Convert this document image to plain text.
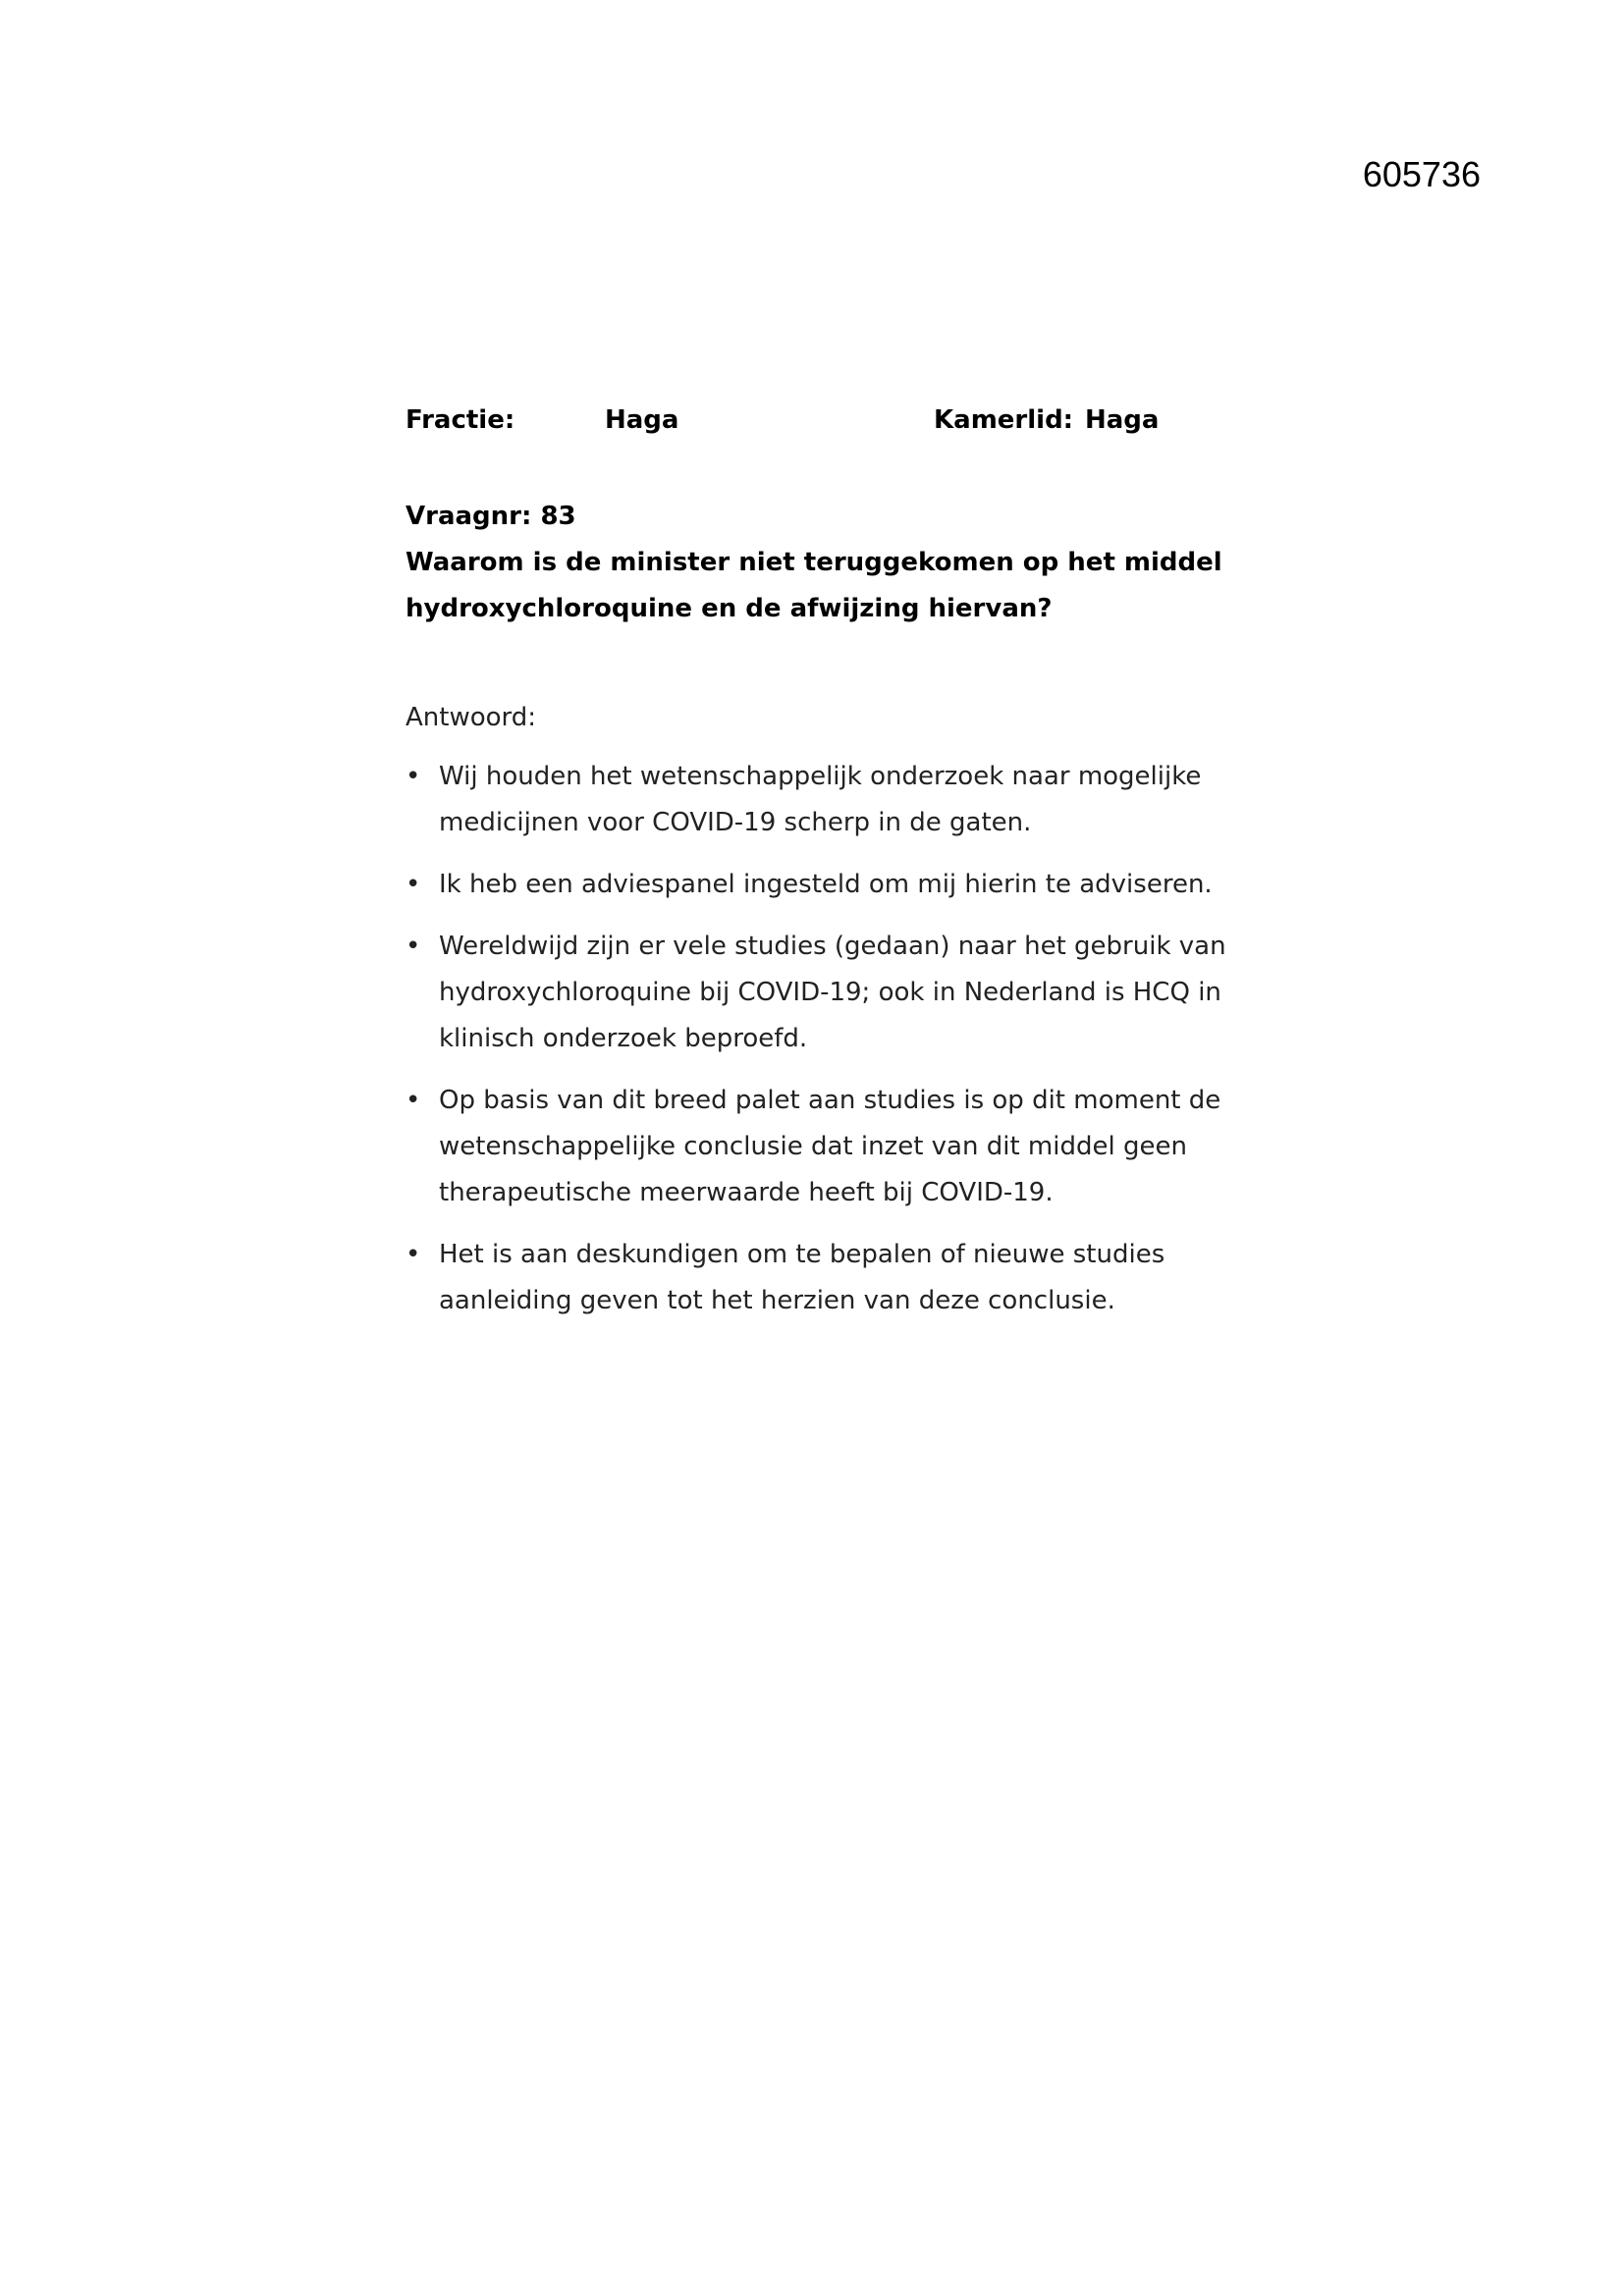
605736
Fractie:	Haga	Kamerlid: Haga
Vraagnr: 83
Waarom is de minister niet teruggekomen op het middel hydroxychloroquine en de afwijzing hiervan?
Antwoord:
• Wij houden het wetenschappelijk onderzoek naar mogelijke medicijnen voor COVID-19 scherp in de gaten.
• Ik heb een adviespanel ingesteld om mij hierin te adviseren.
• Wereldwijd zijn er vele studies (gedaan) naar het gebruik van hydroxychloroquine bij COVID-19; ook in Nederland is HCQ in klinisch onderzoek beproefd.
• Op basis van dit breed palet aan studies is op dit moment de wetenschappelijke conclusie dat inzet van dit middel geen therapeutische meerwaarde heeft bij COVID-19.
• Het is aan deskundigen om te bepalen of nieuwe studies aanleiding geven tot het herzien van deze conclusie.
